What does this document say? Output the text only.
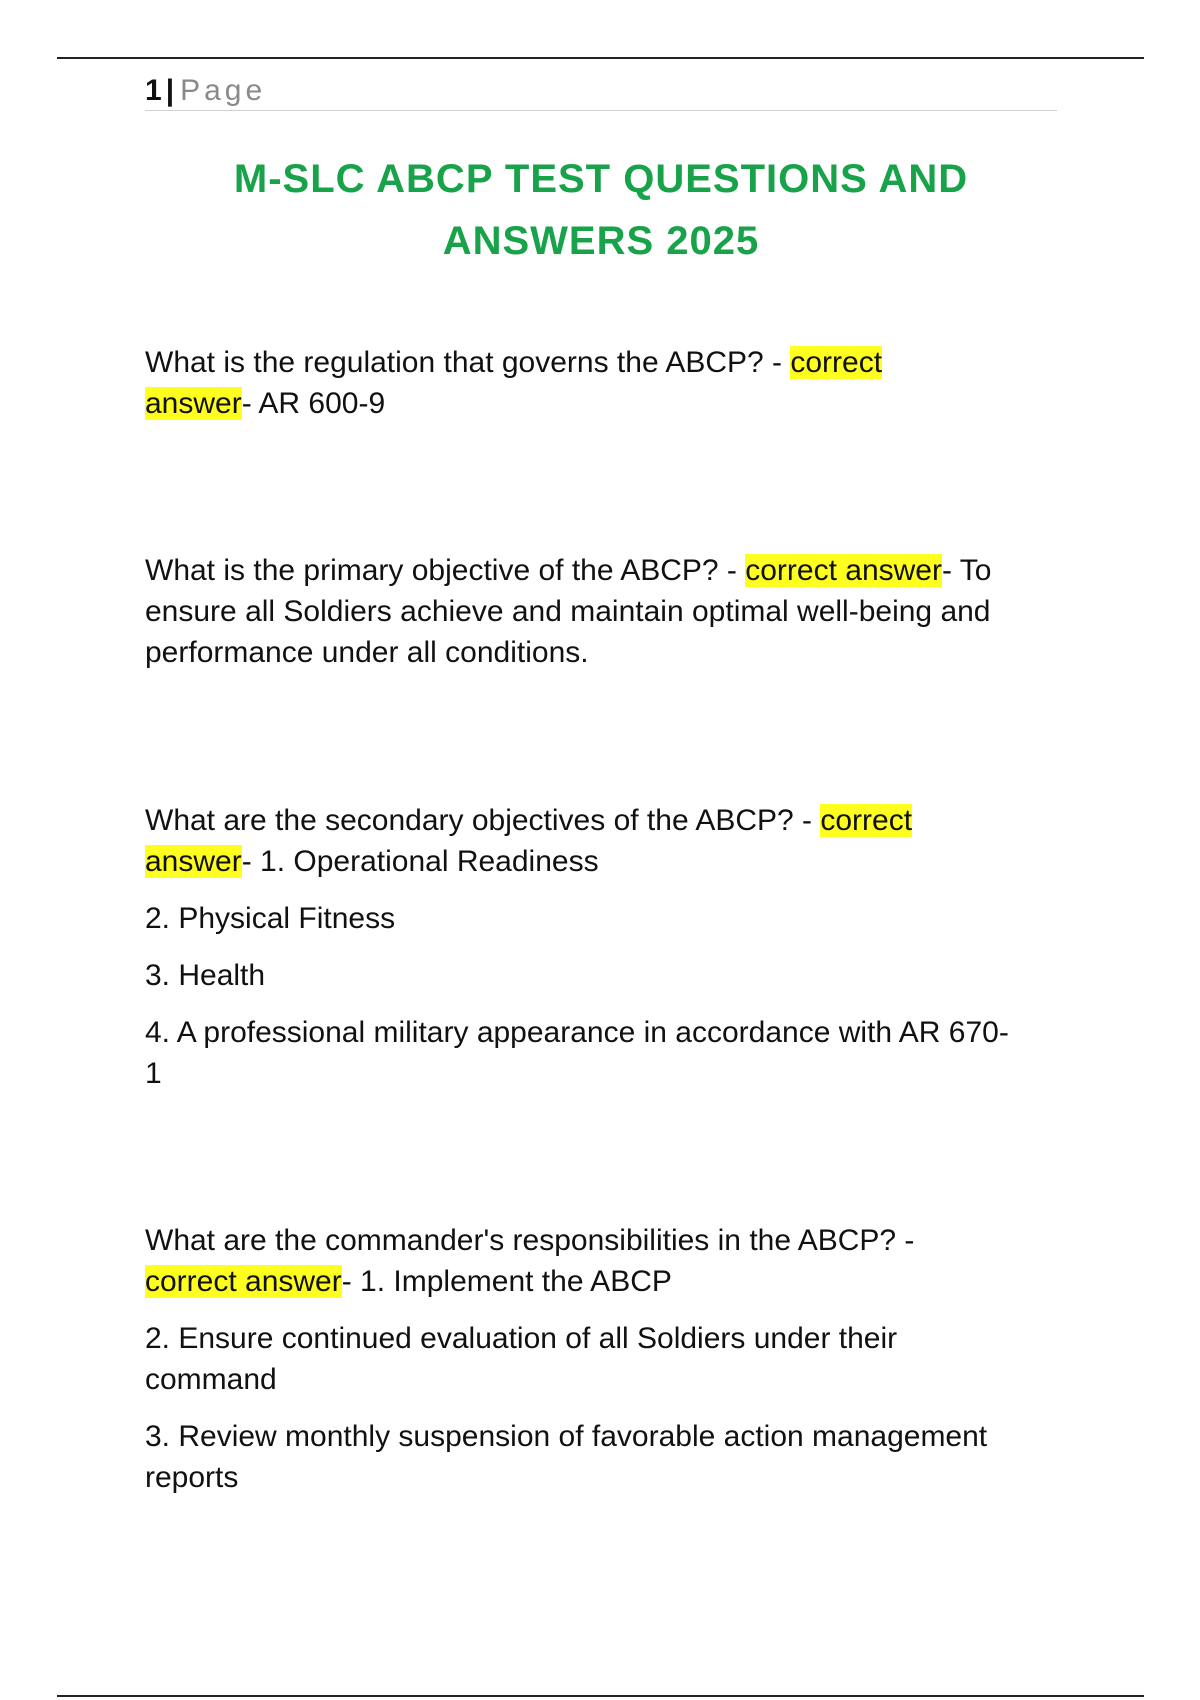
1 | Page
M-SLC ABCP TEST QUESTIONS AND
ANSWERS 2025

What is the regulation that governs the ABCP? - correct
answer- AR 600-9

What is the primary objective of the ABCP? - correct answer- To ensure all Soldiers achieve and maintain optimal well-being and performance under all conditions.

What are the secondary objectives of the ABCP? - correct
answer- 1. Operational Readiness

2. Physical Fitness

3. Health

4. A professional military appearance in accordance with AR 670-1

What are the commander's responsibilities in the ABCP? -
correct answer- 1. Implement the ABCP

2. Ensure continued evaluation of all Soldiers under their command

3. Review monthly suspension of favorable action management reports
